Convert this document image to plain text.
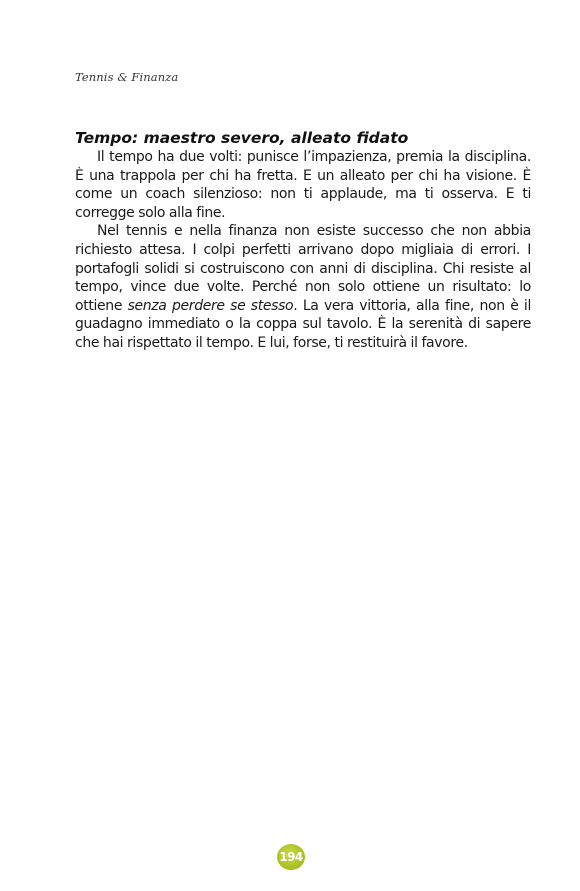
Tennis & Finanza
Tempo: maestro severo, alleato fidato

Il tempo ha due volti: punisce l’impazienza, premia la disciplina. È una trappola per chi ha fretta. E un alleato per chi ha visione. È come un coach silenzioso: non ti applaude, ma ti osserva. E ti corregge solo alla fine.

Nel tennis e nella finanza non esiste successo che non abbia richiesto attesa. I colpi perfetti arrivano dopo migliaia di errori. I portafogli solidi si costruiscono con anni di disciplina. Chi resiste al tempo, vince due volte. Perché non solo ottiene un risultato: lo ottiene senza perdere se stesso. La vera vittoria, alla fine, non è il guadagno immediato o la coppa sul tavolo. È la serenità di sapere che hai rispettato il tempo. E lui, forse, ti restituirà il favore.

194
